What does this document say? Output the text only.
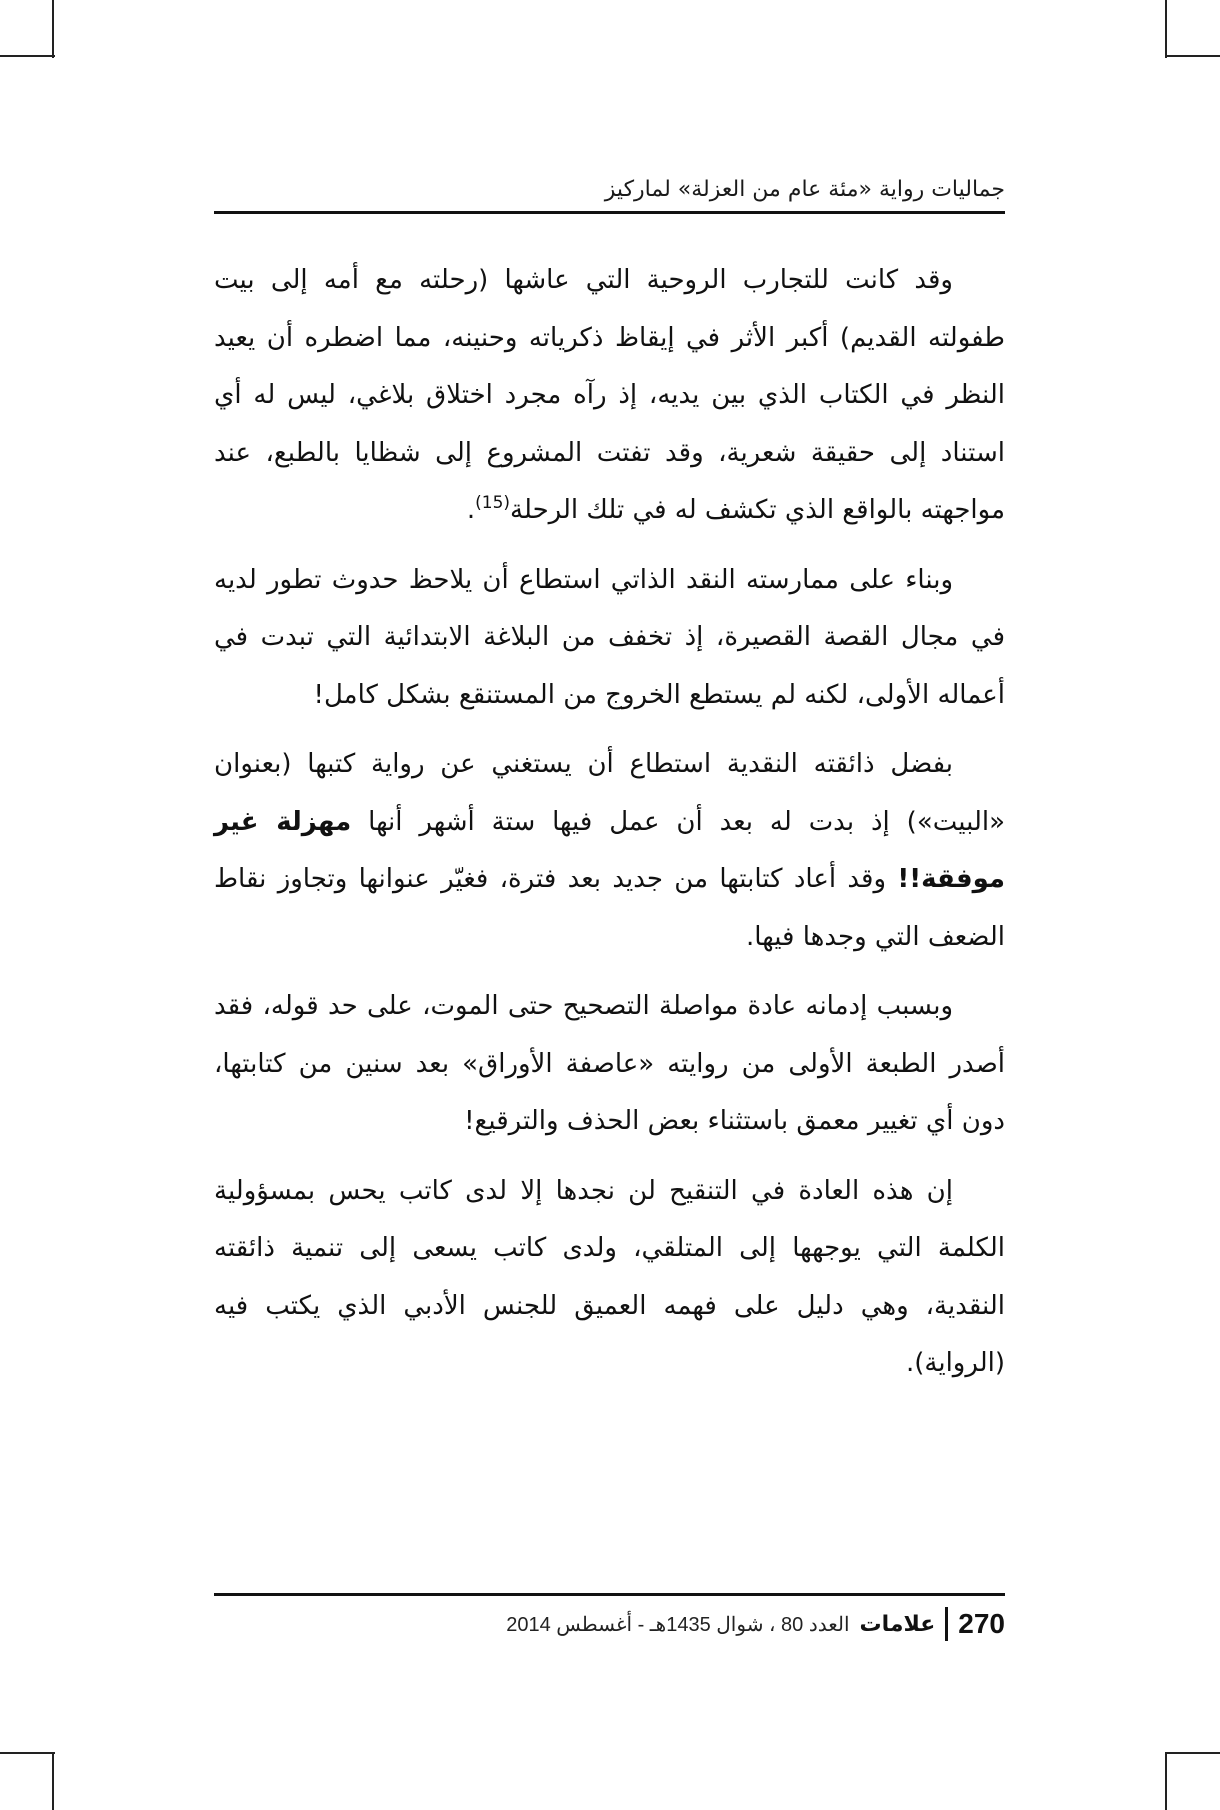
جماليات رواية «مئة عام من العزلة» لماركيز

وقد كانت للتجارب الروحية التي عاشها (رحلته مع أمه إلى بيت طفولته القديم) أكبر الأثر في إيقاظ ذكرياته وحنينه، مما اضطره أن يعيد النظر في الكتاب الذي بين يديه، إذ رآه مجرد اختلاق بلاغي، ليس له أي استناد إلى حقيقة شعرية، وقد تفتت المشروع إلى شظايا بالطبع، عند مواجهته بالواقع الذي تكشف له في تلك الرحلة$^{(15)}$.

وبناء على ممارسته النقد الذاتي استطاع أن يلاحظ حدوث تطور لديه في مجال القصة القصيرة، إذ تخفف من البلاغة الابتدائية التي تبدت في أعماله الأولى، لكنه لم يستطع الخروج من المستنقع بشكل كامل!

بفضل ذائقته النقدية استطاع أن يستغني عن رواية كتبها (بعنوان «البيت») إذ بدت له بعد أن عمل فيها ستة أشهر أنها مهزلة غير موفقة!! وقد أعاد كتابتها من جديد بعد فترة، فغيّر عنوانها وتجاوز نقاط الضعف التي وجدها فيها.

وبسبب إدمانه عادة مواصلة التصحيح حتى الموت، على حد قوله، فقد أصدر الطبعة الأولى من روايته «عاصفة الأوراق» بعد سنين من كتابتها، دون أي تغيير معمق باستثناء بعض الحذف والترقيع!

إن هذه العادة في التنقيح لن نجدها إلا لدى كاتب يحس بمسؤولية الكلمة التي يوجهها إلى المتلقي، ولدى كاتب يسعى إلى تنمية ذائقته النقدية، وهي دليل على فهمه العميق للجنس الأدبي الذي يكتب فيه (الرواية).

270
علامات
العدد 80 ، شوال 1435هـ - أغسطس 2014
